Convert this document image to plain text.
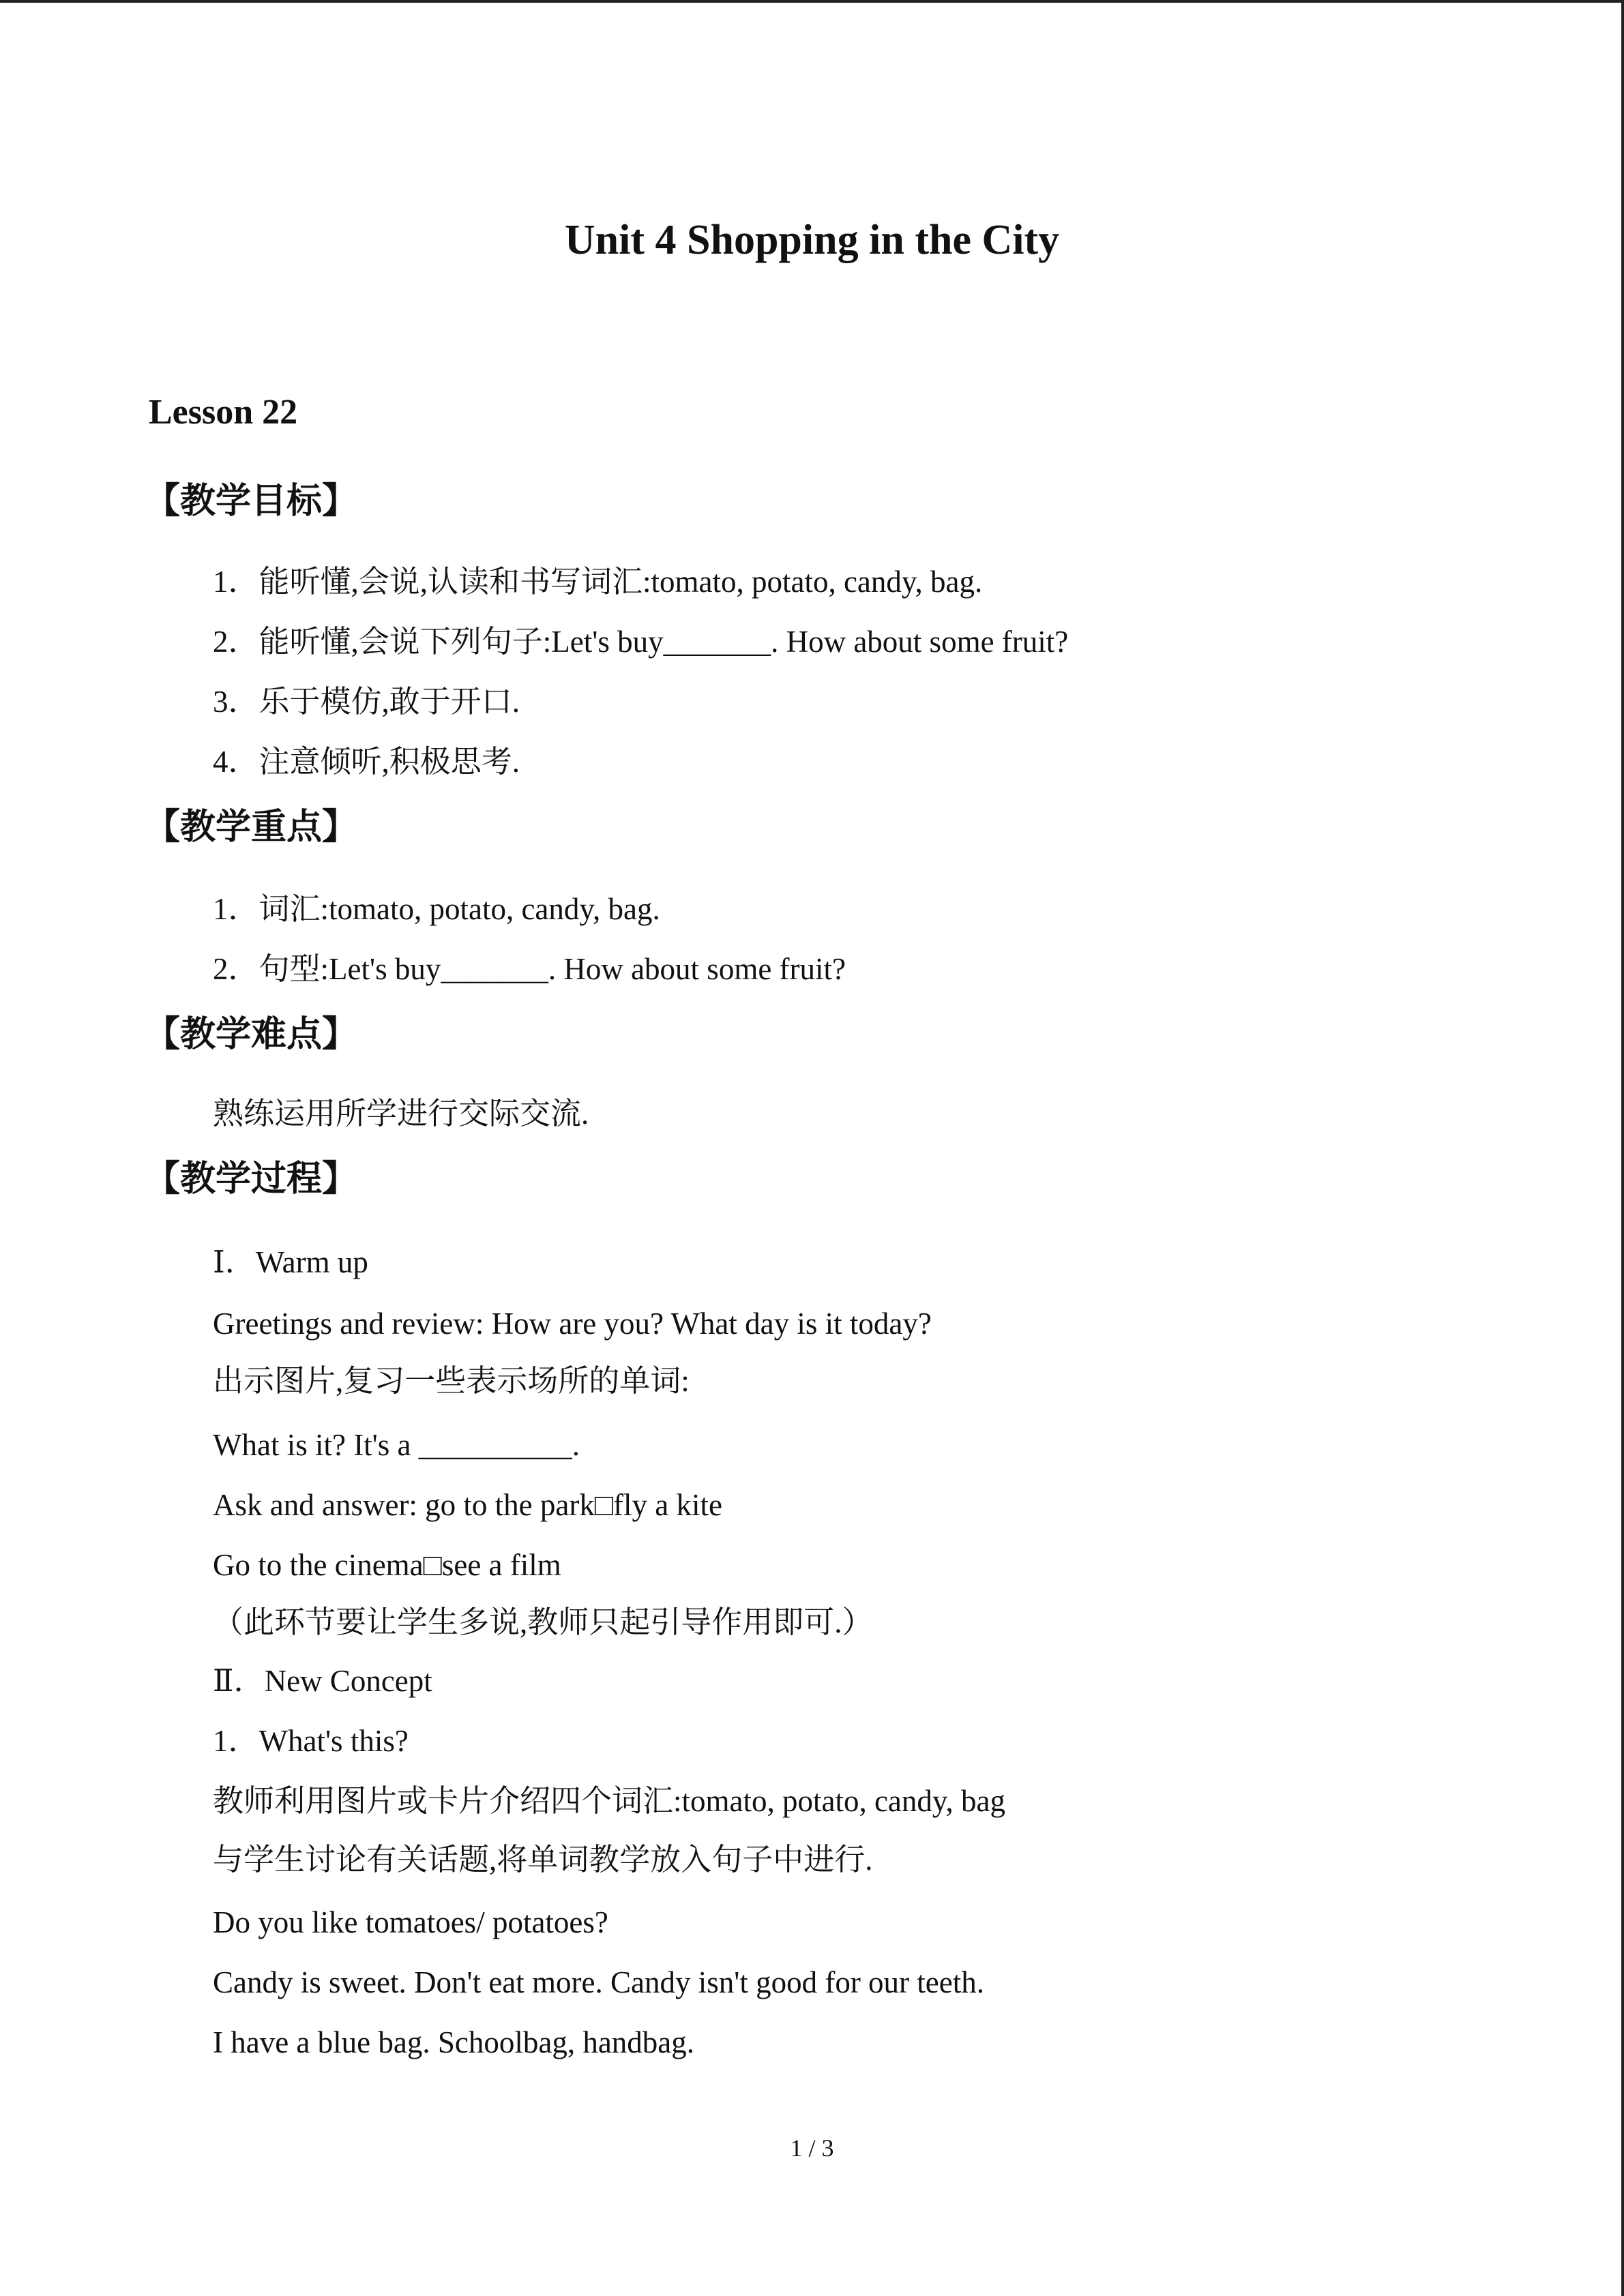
Unit 4 Shopping in the City
Lesson 22
【教学目标】
1．能听懂,会说,认读和书写词汇:tomato, potato, candy, bag.
2．能听懂,会说下列句子:Let's buy_______. How about some fruit?
3．乐于模仿,敢于开口.
4．注意倾听,积极思考.
【教学重点】
1．词汇:tomato, potato, candy, bag.
2．句型:Let's buy_______. How about some fruit?
【教学难点】
熟练运用所学进行交际交流.
【教学过程】
Ⅰ．Warm up
Greetings and review: How are you? What day is it today?
出示图片,复习一些表示场所的单词:
What is it? It's a __________.
Ask and answer: go to the park□fly a kite
Go to the cinema□see a film
（此环节要让学生多说,教师只起引导作用即可.）
Ⅱ．New Concept
1．What's this?
教师利用图片或卡片介绍四个词汇:tomato, potato, candy, bag
与学生讨论有关话题,将单词教学放入句子中进行.
Do you like tomatoes/ potatoes?
Candy is sweet. Don't eat more. Candy isn't good for our teeth.
I have a blue bag. Schoolbag, handbag.
1 / 3
